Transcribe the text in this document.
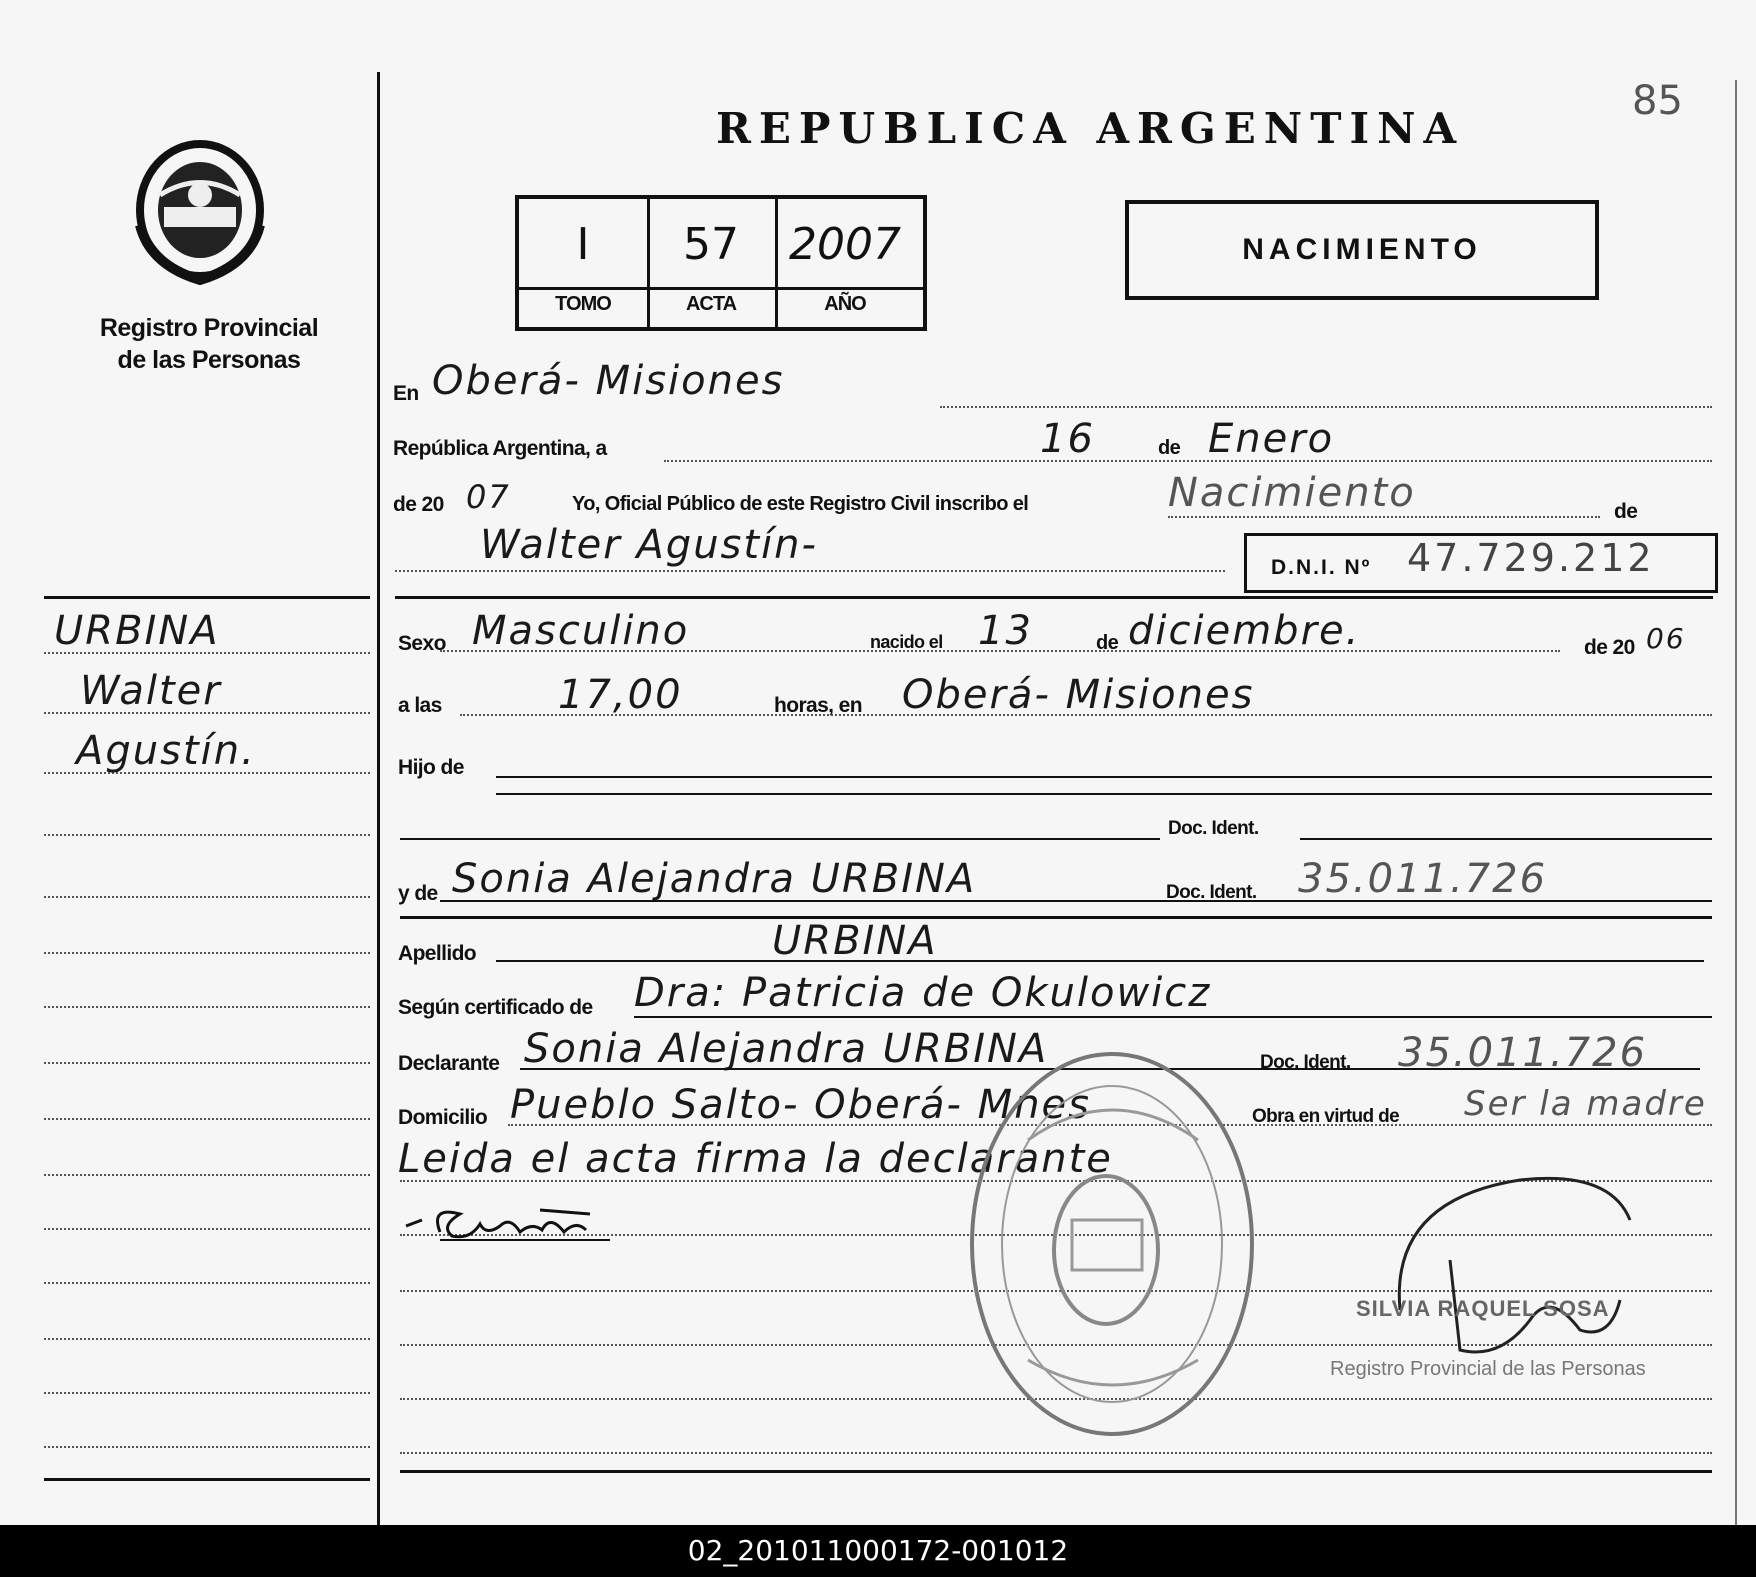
85
Registro Provincial
de las Personas
REPUBLICA ARGENTINA
I	57	2007
TOMO	ACTA	AÑO
NACIMIENTO
URBINA
Walter
Agustín.
En Oberá- Misiones
República Argentina, a	16	de Enero
de 20 07	Yo, Oficial Público de este Registro Civil inscribo el	Nacimiento	de
Walter Agustín-	D.N.I. Nº 47.729.212
Sexo Masculino	nacido el 13	de diciembre.	de 20 06
a las	17,00	horas, en Oberá- Misiones
Hijo de
Doc. Ident.
y de Sonia Alejandra URBINA	Doc. Ident. 35.011.726
Apellido	URBINA
Según certificado de Dra: Patricia de Okulowicz
Declarante Sonia Alejandra URBINA	Doc. Ident. 35.011.726
Domicilio Pueblo Salto- Oberá- Mnes	Obra en virtud de Ser la madre
Leida el acta firma la declarante
SILVIA RAQUEL SOSA
Registro Provincial de las Personas
02_201011000172-001012
